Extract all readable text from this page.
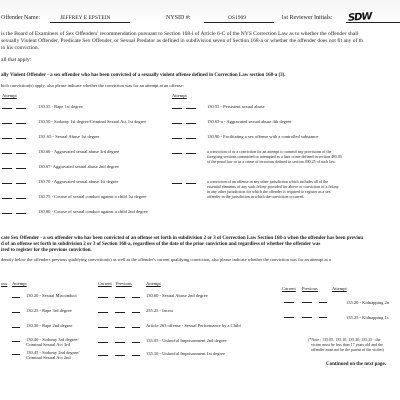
Offender Name:	JEFFREY E EPSTEIN	NYSID #:	OS1909	1st Reviewer Initials: SDW
is the Board of Examiners of Sex Offenders' recommendation pursuant to Section 168-l of Article 6-C of the NYS Correction Law as to whether the offender shall
sexually Violent Offender, Predicate Sex Offender, or Sexual Predator as defined in subdivision seven of Section 168-a or whether the offender does not fit any of th
to his conviction.
all that apply:
ally Violent Offender - a sex offender who has been convicted of a sexually violent offense defined in Correction Law section 168-a (3).
hich conviction(s) apply, also please indicate whether the conviction was for an attempt at an offense:
Attempt	Attempt
130.35 - Rape 1st degree
130.50 - Sodomy 1st degree/Criminal Sexual Act 1st degree
130. 65 - Sexual Abuse 1st degree
130.66 - Aggravated sexual abuse 3rd degree
130.67- Aggravated sexual abuse 2nd degree
130.70 - Aggravated sexual abuse 1st degree
130.75 - Course of sexual conduct against a child 1st degree
130.80 - Course of sexual conduct against a child 2nd degree
130.53 - Persistent sexual abuse
130.65-a - Aggravated sexual abuse 4th degree
130.90 - Facilitating a sex offense with a controlled substance
a conviction of or a conviction for an attempt to commit any provisions of the
foregoing sections committed or attempted as a hate crime defined in section 485.05
of the penal law or as a crime of terrorism defined in section 490.25 of such law.
a conviction of an offense in any other jurisdiction which includes all of the
essential elements of any such felony provided for above or conviction of a felony
in any other jurisdiction for which the offender is required to register as a sex
offender in the jurisdiction in which the conviction occurred.
cate Sex Offender - a sex offender who has been convicted of an offense set forth in subdivision 2 or 3 of Correction Law Section 168-a when the offender has been previou
d of an offense set forth in subdivision 2 or 3 of Section 168-a, regardless of the date of the prior conviction and regardless of whether the offender was
ired to register for the previous conviction.
dentify below the offenders previous qualifying conviction(s) as well as the offender's current qualifying conviction, also please indicate whether the conviction was for an attempt at a
ous Attempt	Current Previous	Attempt
Current Previous	Attempt
130.20 - Sexual Misconduct
130.25 - Rape 3rd degree
130.30 - Rape 2nd degree
130.40 - Sodomy 3rd degree/
Criminal Sexual Act 3rd
130.45 - Sodomy 2nd degree/
Criminal Sexual Act 2nd
130.60 - Sexual Abuse 2nd degree
255.25 - Incest
Article 263 offense - Sexual Performance by a Child
135.05 - Unlawful Imprisonment 2nd degree
135.10 - Unlawful Imprisonment 1st degree
135.20 - Kidnapping 2n
135.25 - Kidnapping 1s
(*Note : 135.05, 135.10, 135.20, 135.25 - the
victim must be less than 17 years old and the
offender must not be the parent of the victim)
Continued on the next page.
